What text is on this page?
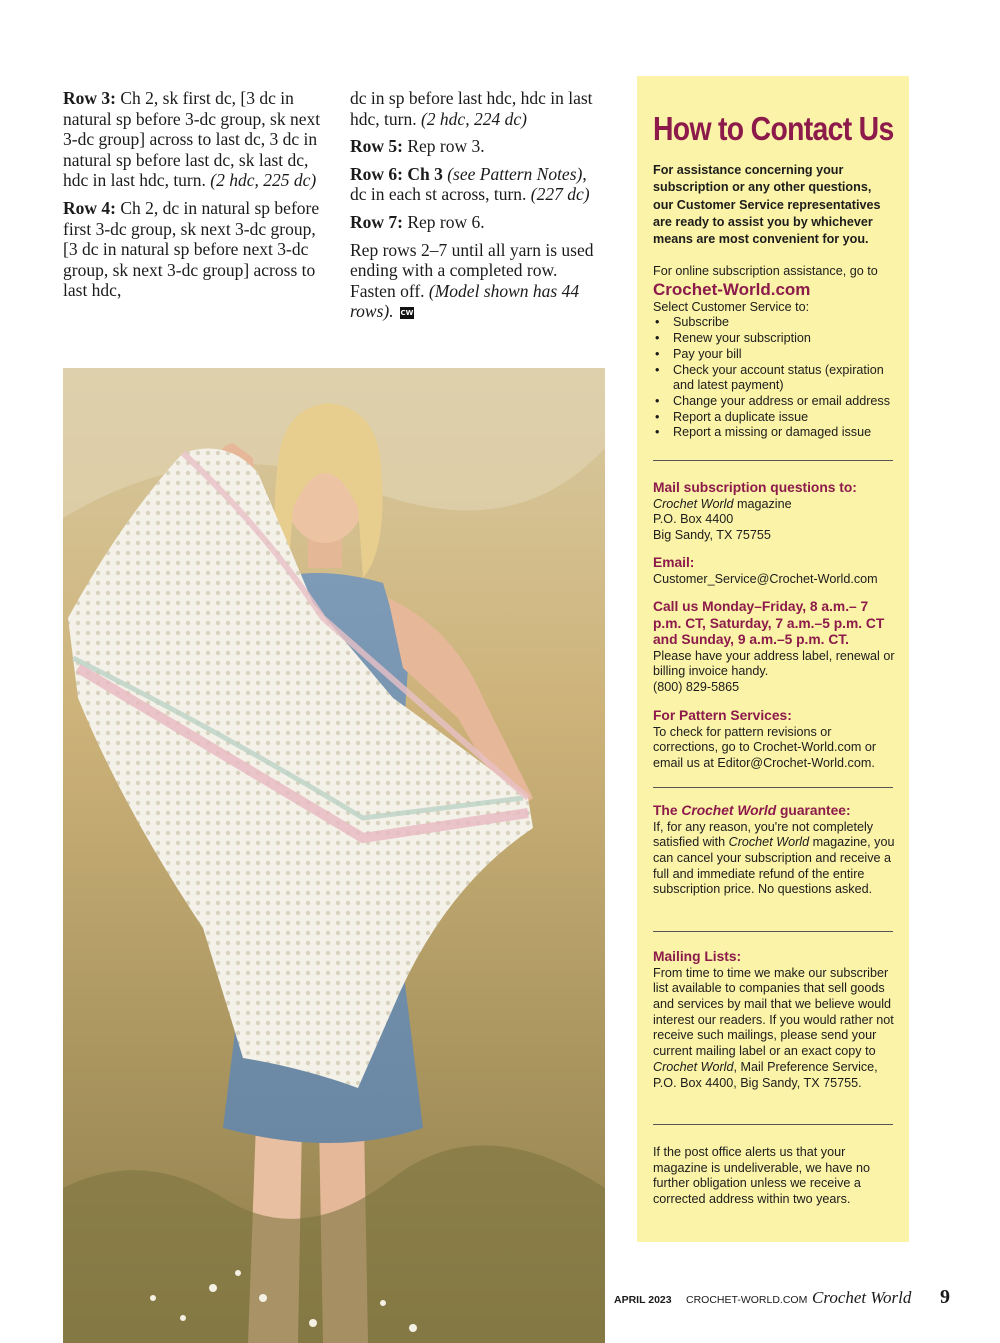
Row 3: Ch 2, sk first dc, [3 dc in natural sp before 3-dc group, sk next 3-dc group] across to last dc, 3 dc in natural sp before last dc, sk last dc, hdc in last hdc, turn. (2 hdc, 225 dc)

Row 4: Ch 2, dc in natural sp before first 3-dc group, sk next 3-dc group, [3 dc in natural sp before next 3-dc group, sk next 3-dc group] across to last hdc,

dc in sp before last hdc, hdc in last hdc, turn. (2 hdc, 224 dc)

Row 5: Rep row 3.

Row 6: Ch 3 (see Pattern Notes), dc in each st across, turn. (227 dc)

Row 7: Rep row 6.

Rep rows 2–7 until all yarn is used ending with a completed row. Fasten off. (Model shown has 44 rows). CW

How to Contact Us
For assistance concerning your subscription or any other questions, our Customer Service representatives are ready to assist you by whichever means are most convenient for you.
For online subscription assistance, go to
Crochet-World.com
Select Customer Service to:
• Subscribe
• Renew your subscription
• Pay your bill
• Check your account status (expiration and latest payment)
• Change your address or email address
• Report a duplicate issue
• Report a missing or damaged issue
Mail subscription questions to:
Crochet World magazine
P.O. Box 4400
Big Sandy, TX 75755
Email:
Customer_Service@Crochet-World.com
Call us Monday–Friday, 8 a.m.– 7 p.m. CT, Saturday, 7 a.m.–5 p.m. CT and Sunday, 9 a.m.–5 p.m. CT.
Please have your address label, renewal or billing invoice handy.
(800) 829-5865
For Pattern Services:
To check for pattern revisions or corrections, go to Crochet-World.com or email us at Editor@Crochet-World.com.
The Crochet World guarantee:
If, for any reason, you're not completely satisfied with Crochet World magazine, you can cancel your subscription and receive a full and immediate refund of the entire subscription price. No questions asked.
Mailing Lists:
From time to time we make our subscriber list available to companies that sell goods and services by mail that we believe would interest our readers. If you would rather not receive such mailings, please send your current mailing label or an exact copy to Crochet World, Mail Preference Service, P.O. Box 4400, Big Sandy, TX 75755.
If the post office alerts us that your magazine is undeliverable, we have no further obligation unless we receive a corrected address within two years.
APRIL 2023 CROCHET-WORLD.COM Crochet World 9
